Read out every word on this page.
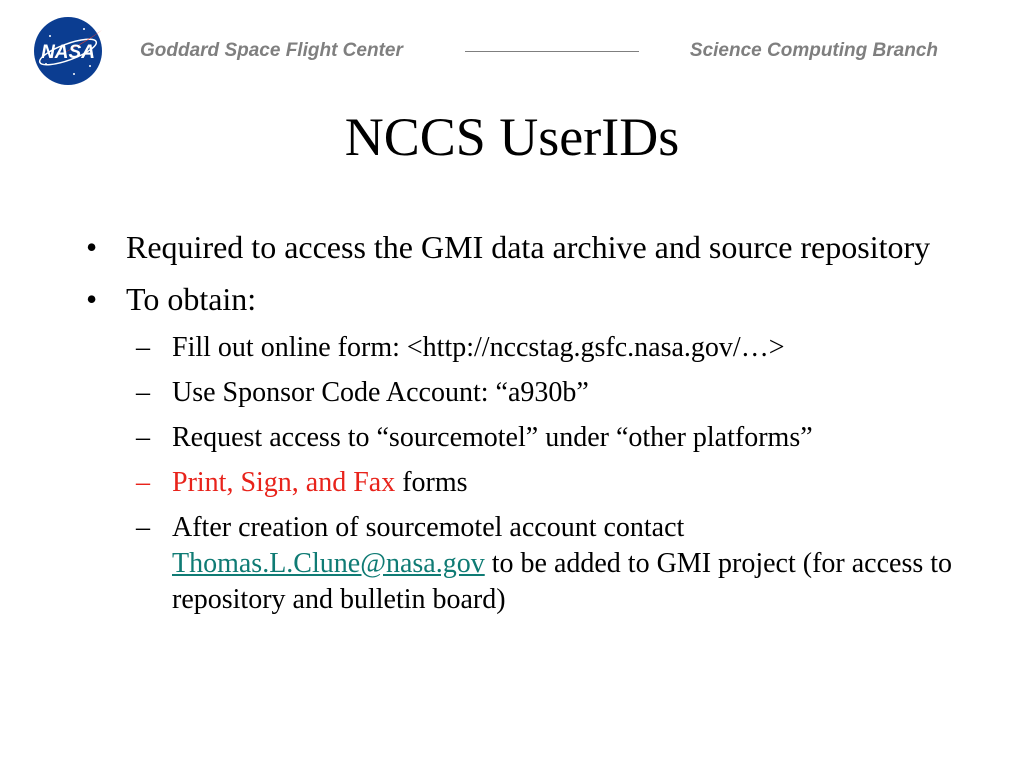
NASA Goddard Space Flight Center	Science Computing Branch
NCCS UserIDs
• Required to access the GMI data archive and source repository
• To obtain:
– Fill out online form: <http://nccstag.gsfc.nasa.gov/…>
– Use Sponsor Code Account: “a930b”
– Request access to “sourcemotel” under “other platforms”
– Print, Sign, and Fax forms
– After creation of sourcemotel account contact Thomas.L.Clune@nasa.gov to be added to GMI project (for access to repository and bulletin board)
